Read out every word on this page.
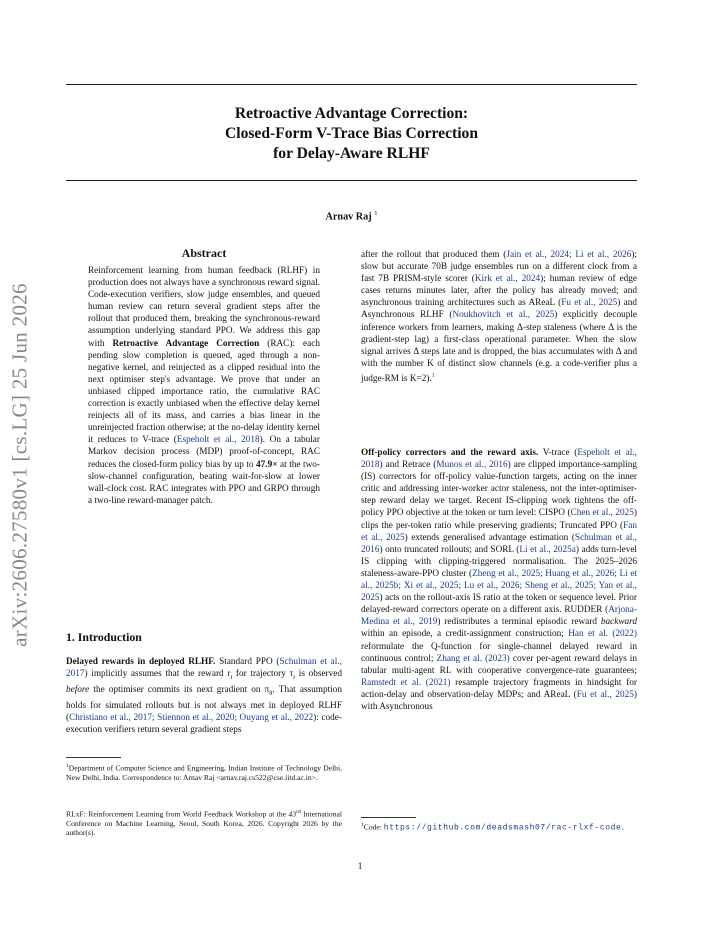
arXiv:2606.27580v1 [cs.LG] 25 Jun 2026
Retroactive Advantage Correction:
Closed-Form V-Trace Bias Correction
for Delay-Aware RLHF
Arnav Raj $^1$
Abstract
Reinforcement learning from human feedback (RLHF) in production does not always have a synchronous reward signal. Code-execution verifiers, slow judge ensembles, and queued human review can return several gradient steps after the rollout that produced them, breaking the synchronous-reward assumption underlying standard PPO. We address this gap with Retroactive Advantage Correction (RAC): each pending slow completion is queued, aged through a non-negative kernel, and reinjected as a clipped residual into the next optimiser step's advantage. We prove that under an unbiased clipped importance ratio, the cumulative RAC correction is exactly unbiased when the effective delay kernel reinjects all of its mass, and carries a bias linear in the unreinjected fraction otherwise; at the no-delay identity kernel it reduces to V-trace (Espeholt et al., 2018). On a tabular Markov decision process (MDP) proof-of-concept, RAC reduces the closed-form policy bias by up to 47.9× at the two-slow-channel configuration, beating wait-for-slow at lower wall-clock cost. RAC integrates with PPO and GRPO through a two-line reward-manager patch.
1. Introduction

Delayed rewards in deployed RLHF. Standard PPO (Schulman et al., 2017) implicitly assumes that the reward $r_t$ for trajectory $\tau_t$ is observed before the optimiser commits its next gradient on $\pi_\theta$. That assumption holds for simulated rollouts but is not always met in deployed RLHF (Christiano et al., 2017; Stiennon et al., 2020; Ouyang et al., 2022): code-execution verifiers return several gradient steps

$^1$Department of Computer Science and Engineering, Indian Institute of Technology Delhi, New Delhi, India. Correspondence to: Arnav Raj <arnav.raj.cs522@cse.iitd.ac.in>.
RLxF: Reinforcement Learning from World Feedback Workshop at the 43rd International Conference on Machine Learning, Seoul, South Korea, 2026. Copyright 2026 by the author(s).

after the rollout that produced them (Jain et al., 2024; Li et al., 2026); slow but accurate 70B judge ensembles run on a different clock from a fast 7B PRISM-style scorer (Kirk et al., 2024); human review of edge cases returns minutes later, after the policy has already moved; and asynchronous training architectures such as AReaL (Fu et al., 2025) and Asynchronous RLHF (Noukhovitch et al., 2025) explicitly decouple inference workers from learners, making Δ-step staleness (where Δ is the gradient-step lag) a first-class operational parameter. When the slow signal arrives Δ steps late and is dropped, the bias accumulates with Δ and with the number K of distinct slow channels (e.g. a code-verifier plus a judge-RM is K=2).$^1$

Off-policy correctors and the reward axis. V-trace (Espeholt et al., 2018) and Retrace (Munos et al., 2016) are clipped importance-sampling (IS) correctors for off-policy value-function targets, acting on the inner critic and addressing inter-worker actor staleness, not the inter-optimiser-step reward delay we target. Recent IS-clipping work tightens the off-policy PPO objective at the token or turn level: CISPO (Chen et al., 2025) clips the per-token ratio while preserving gradients; Truncated PPO (Fan et al., 2025) extends generalised advantage estimation (Schulman et al., 2016) onto truncated rollouts; and SORL (Li et al., 2025a) adds turn-level IS clipping with clipping-triggered normalisation. The 2025–2026 staleness-aware-PPO cluster (Zheng et al., 2025; Huang et al., 2026; Li et al., 2025b; Xi et al., 2025; Lu et al., 2026; Sheng et al., 2025; Yan et al., 2025) acts on the rollout-axis IS ratio at the token or sequence level. Prior delayed-reward correctors operate on a different axis. RUDDER (Arjona-Medina et al., 2019) redistributes a terminal episodic reward backward within an episode, a credit-assignment construction; Han et al. (2022) reformulate the Q-function for single-channel delayed reward in continuous control; Zhang et al. (2023) cover per-agent reward delays in tabular multi-agent RL with cooperative convergence-rate guarantees; Ramstedt et al. (2021) resample trajectory fragments in hindsight for action-delay and observation-delay MDPs; and AReaL (Fu et al., 2025) with Asynchronous

$^1$Code: https://github.com/deadsmash07/rac-rlxf-code.
1
